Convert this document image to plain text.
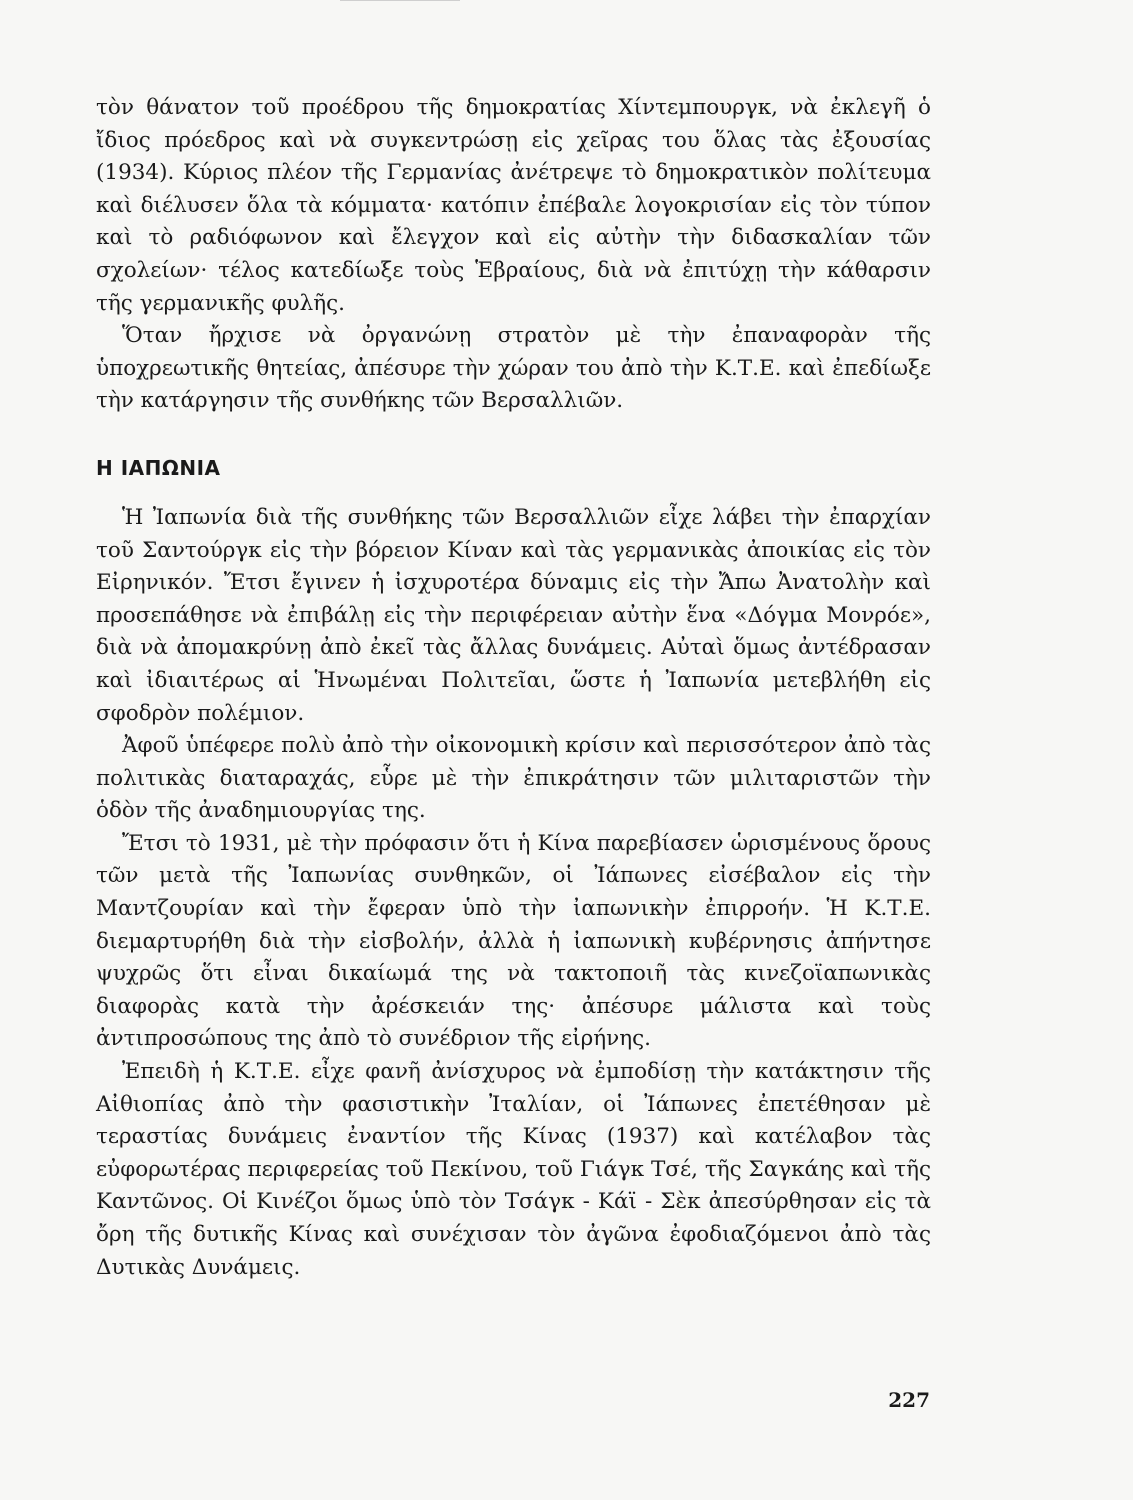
τὸν θάνατον τοῦ προέδρου τῆς δημοκρατίας Χίντεμπουργκ, νὰ ἐκλεγῆ ὁ ἴδιος πρόεδρος καὶ νὰ συγκεντρώσῃ εἰς χεῖρας του ὅλας τὰς ἐξουσίας (1934). Κύριος πλέον τῆς Γερμανίας ἀνέτρεψε τὸ δημοκρατικὸν πολίτευμα καὶ διέλυσεν ὅλα τὰ κόμματα· κατόπιν ἐπέβαλε λογοκρισίαν εἰς τὸν τύπον καὶ τὸ ραδιόφωνον καὶ ἔλεγχον καὶ εἰς αὐτὴν τὴν διδασκαλίαν τῶν σχολείων· τέλος κατεδίωξε τοὺς Ἑβραίους, διὰ νὰ ἐπιτύχῃ τὴν κάθαρσιν τῆς γερμανικῆς φυλῆς.

Ὅταν ἤρχισε νὰ ὀργανώνῃ στρατὸν μὲ τὴν ἐπαναφορὰν τῆς ὑποχρεωτικῆς θητείας, ἀπέσυρε τὴν χώραν του ἀπὸ τὴν Κ.Τ.Ε. καὶ ἐπεδίωξε τὴν κατάργησιν τῆς συνθήκης τῶν Βερσαλλιῶν.

Η ΙΑΠΩΝΙΑ

Ἡ Ἰαπωνία διὰ τῆς συνθήκης τῶν Βερσαλλιῶν εἶχε λάβει τὴν ἐπαρχίαν τοῦ Σαντούργκ εἰς τὴν βόρειον Κίναν καὶ τὰς γερμανικὰς ἀποικίας εἰς τὸν Εἰρηνικόν. Ἔτσι ἔγινεν ἡ ἰσχυροτέρα δύναμις εἰς τὴν Ἄπω Ἀνατολὴν καὶ προσεπάθησε νὰ ἐπιβάλῃ εἰς τὴν περιφέρειαν αὐτὴν ἕνα «Δόγμα Μονρόε», διὰ νὰ ἀπομακρύνῃ ἀπὸ ἐκεῖ τὰς ἄλλας δυνάμεις. Αὐταὶ ὅμως ἀντέδρασαν καὶ ἰδιαιτέρως αἱ Ἡνωμέναι Πολιτεῖαι, ὥστε ἡ Ἰαπωνία μετεβλήθη εἰς σφοδρὸν πολέμιον.

Ἀφοῦ ὑπέφερε πολὺ ἀπὸ τὴν οἰκονομικὴ κρίσιν καὶ περισσότερον ἀπὸ τὰς πολιτικὰς διαταραχάς, εὗρε μὲ τὴν ἐπικράτησιν τῶν μιλιταριστῶν τὴν ὁδὸν τῆς ἀναδημιουργίας της.

Ἔτσι τὸ 1931, μὲ τὴν πρόφασιν ὅτι ἡ Κίνα παρεβίασεν ὡρισμένους ὅρους τῶν μετὰ τῆς Ἰαπωνίας συνθηκῶν, οἱ Ἰάπωνες εἰσέβαλον εἰς τὴν Μαντζουρίαν καὶ τὴν ἔφεραν ὑπὸ τὴν ἰαπωνικὴν ἐπιρροήν. Ἡ Κ.Τ.Ε. διεμαρτυρήθη διὰ τὴν εἰσβολήν, ἀλλὰ ἡ ἰαπωνικὴ κυβέρνησις ἀπήντησε ψυχρῶς ὅτι εἶναι δικαίωμά της νὰ τακτοποιῆ τὰς κινεζοϊαπωνικὰς διαφορὰς κατὰ τὴν ἀρέσκειάν της· ἀπέσυρε μάλιστα καὶ τοὺς ἀντιπροσώπους της ἀπὸ τὸ συνέδριον τῆς εἰρήνης.

Ἐπειδὴ ἡ Κ.Τ.Ε. εἶχε φανῆ ἀνίσχυρος νὰ ἐμποδίσῃ τὴν κατάκτησιν τῆς Αἰθιοπίας ἀπὸ τὴν φασιστικὴν Ἰταλίαν, οἱ Ἰάπωνες ἐπετέθησαν μὲ τεραστίας δυνάμεις ἐναντίον τῆς Κίνας (1937) καὶ κατέλαβον τὰς εὐφορωτέρας περιφερείας τοῦ Πεκίνου, τοῦ Γιάγκ Τσέ, τῆς Σαγκάης καὶ τῆς Καντῶνος. Οἱ Κινέζοι ὅμως ὑπὸ τὸν Τσάγκ - Κάϊ - Σὲκ ἀπεσύρθησαν εἰς τὰ ὄρη τῆς δυτικῆς Κίνας καὶ συνέχισαν τὸν ἀγῶνα ἐφοδιαζόμενοι ἀπὸ τὰς Δυτικὰς Δυνάμεις.

227
